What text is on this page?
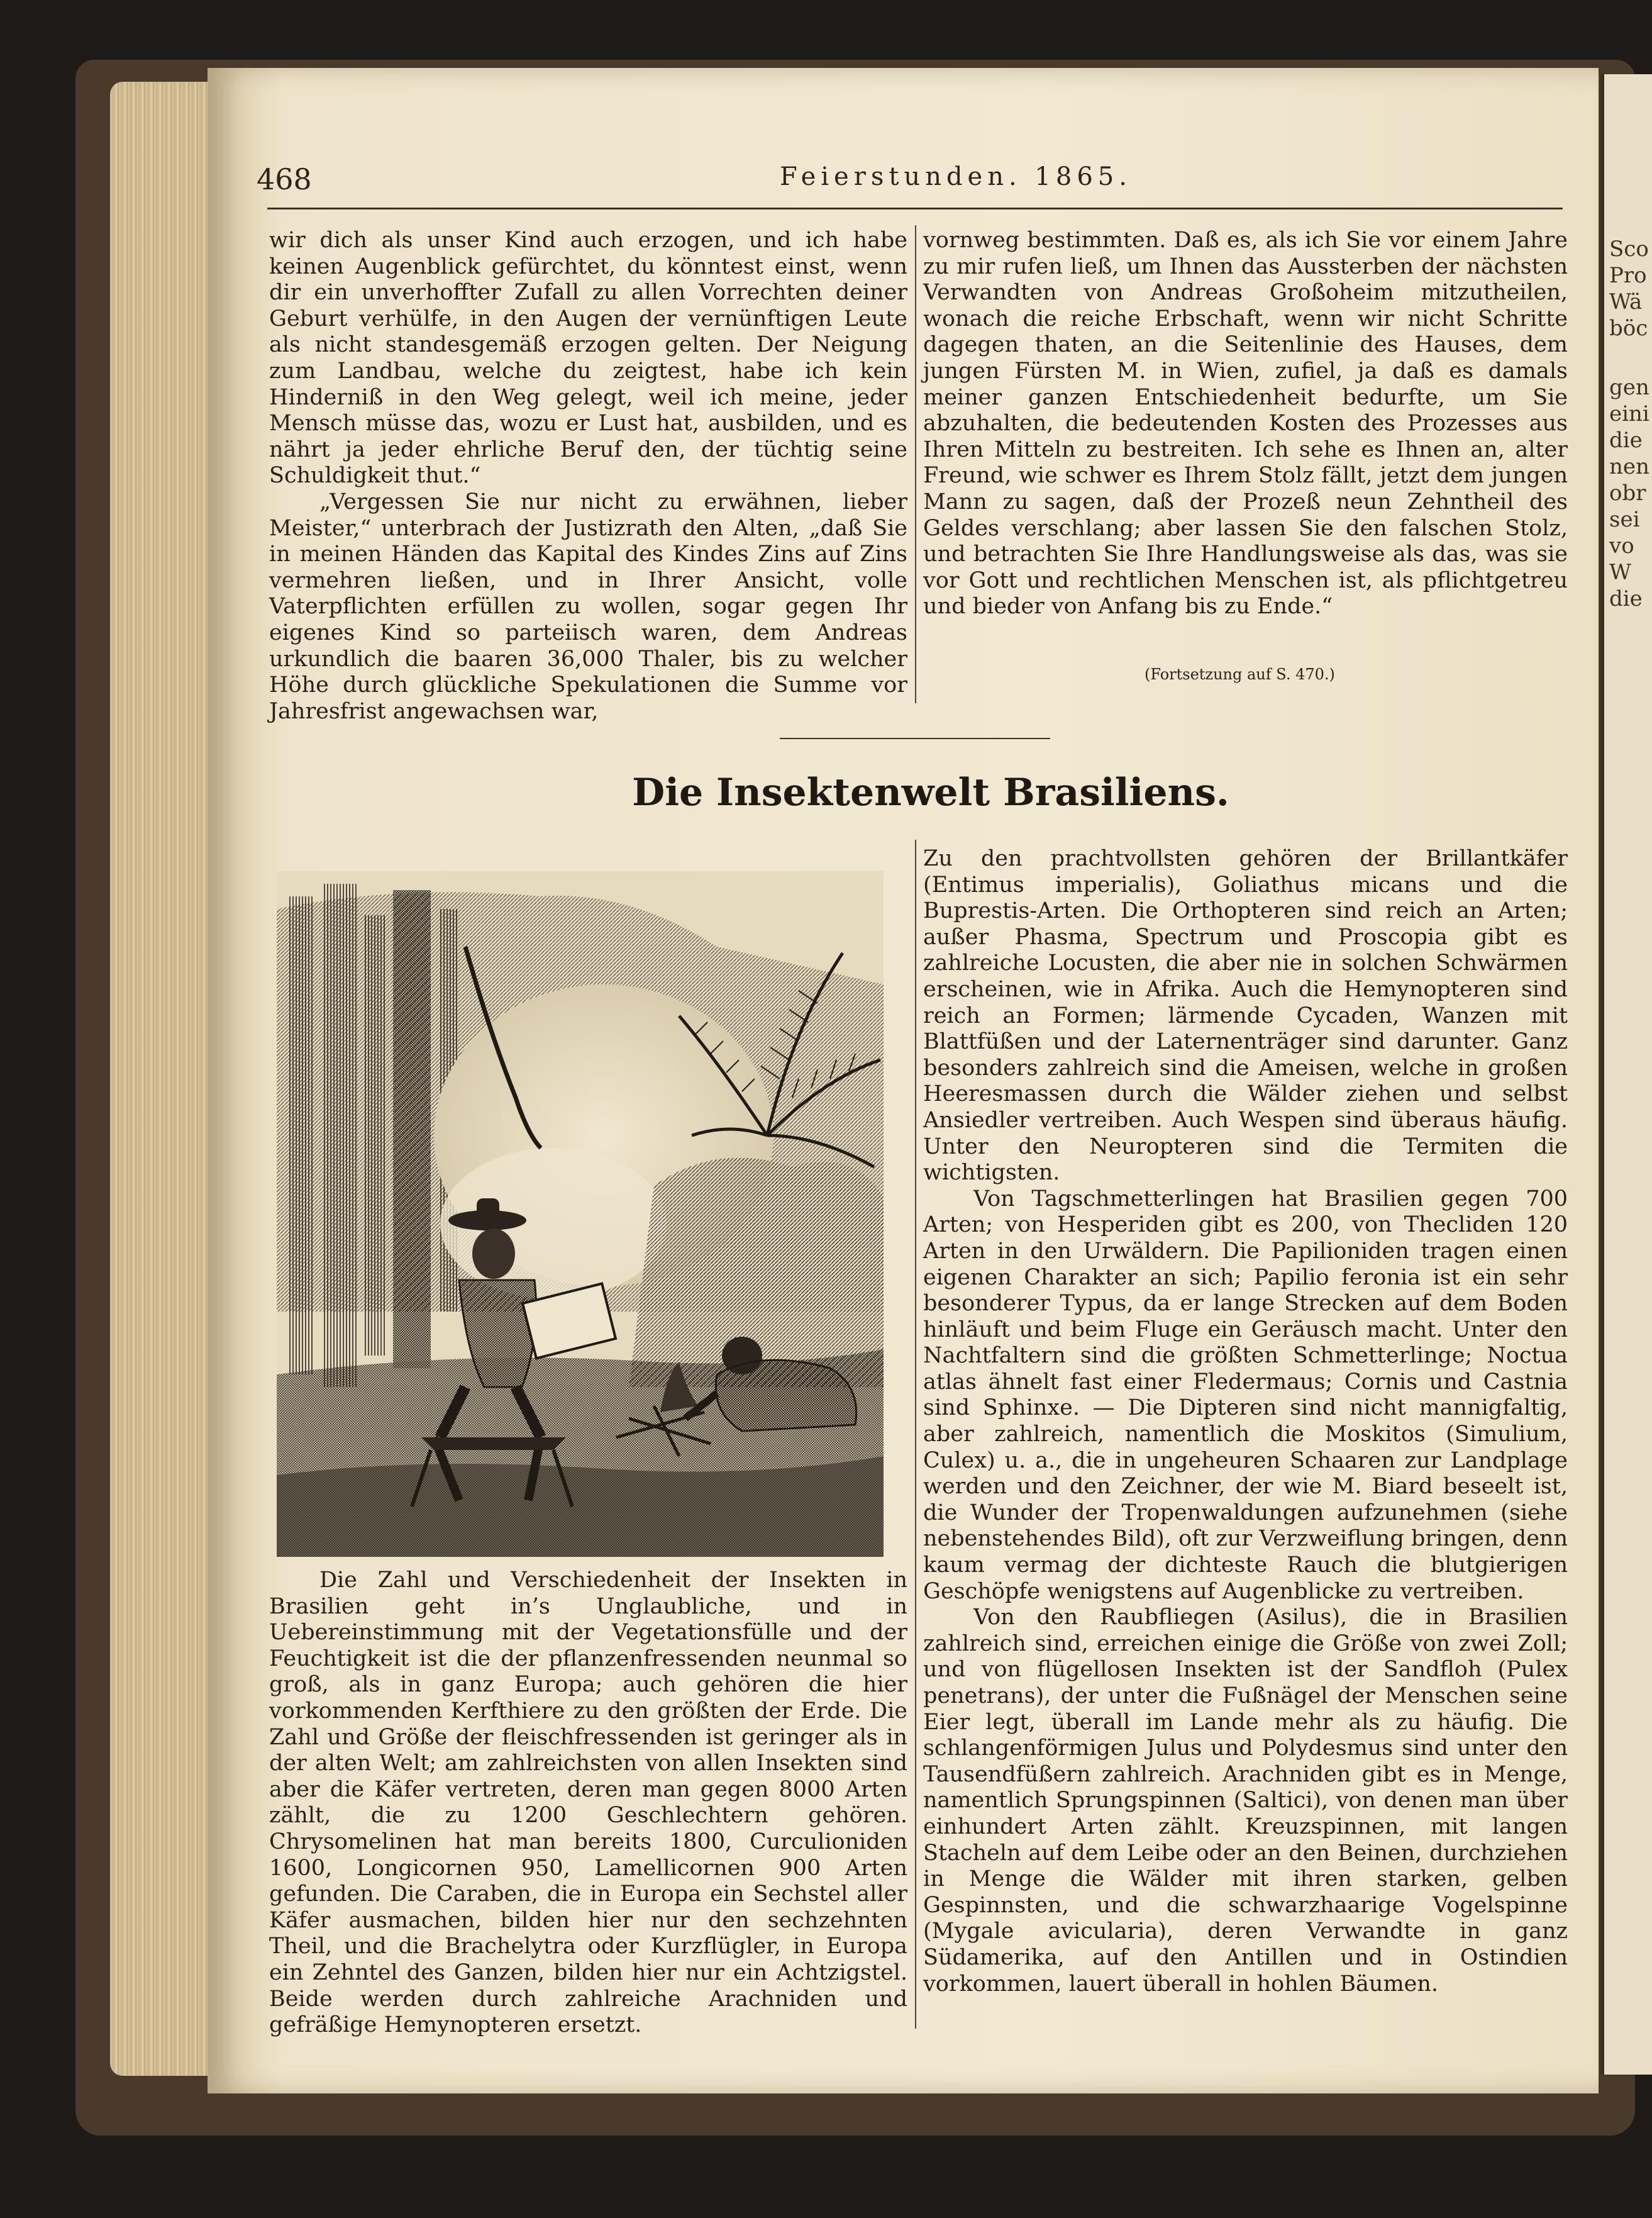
Sco
Pro
Wä
böc
gen
eini
die
nen
obr
sei
vo
W
die
468	Feierstunden. 1865.

wir dich als unser Kind auch erzogen, und ich habe keinen Augenblick gefürchtet, du könntest einst, wenn dir ein unverhoffter Zufall zu allen Vorrechten deiner Geburt verhülfe, in den Augen der vernünftigen Leute als nicht standesgemäß erzogen gelten. Der Neigung zum Landbau, welche du zeigtest, habe ich kein Hinderniß in den Weg gelegt, weil ich meine, jeder Mensch müsse das, wozu er Lust hat, ausbilden, und es nährt ja jeder ehrliche Beruf den, der tüchtig seine Schuldigkeit thut.“

„Vergessen Sie nur nicht zu erwähnen, lieber Meister,“ unterbrach der Justizrath den Alten, „daß Sie in meinen Händen das Kapital des Kindes Zins auf Zins vermehren ließen, und in Ihrer Ansicht, volle Vaterpflichten erfüllen zu wollen, sogar gegen Ihr eigenes Kind so parteiisch waren, dem Andreas urkundlich die baaren 36,000 Thaler, bis zu welcher Höhe durch glückliche Spekulationen die Summe vor Jahresfrist angewachsen war,

vornweg bestimmten. Daß es, als ich Sie vor einem Jahre zu mir rufen ließ, um Ihnen das Aussterben der nächsten Verwandten von Andreas Großoheim mitzutheilen, wonach die reiche Erbschaft, wenn wir nicht Schritte dagegen thaten, an die Seitenlinie des Hauses, dem jungen Fürsten M. in Wien, zufiel, ja daß es damals meiner ganzen Entschiedenheit bedurfte, um Sie abzuhalten, die bedeutenden Kosten des Prozesses aus Ihren Mitteln zu bestreiten. Ich sehe es Ihnen an, alter Freund, wie schwer es Ihrem Stolz fällt, jetzt dem jungen Mann zu sagen, daß der Prozeß neun Zehntheil des Geldes verschlang; aber lassen Sie den falschen Stolz, und betrachten Sie Ihre Handlungsweise als das, was sie vor Gott und rechtlichen Menschen ist, als pflichtgetreu und bieder von Anfang bis zu Ende.“

(Fortsetzung auf S. 470.)
Die Insektenwelt Brasiliens.

Die Zahl und Verschiedenheit der Insekten in Brasilien geht in’s Unglaubliche, und in Uebereinstimmung mit der Vegetationsfülle und der Feuchtigkeit ist die der pflanzenfressenden neunmal so groß, als in ganz Europa; auch gehören die hier vorkommenden Kerfthiere zu den größten der Erde. Die Zahl und Größe der fleischfressenden ist geringer als in der alten Welt; am zahlreichsten von allen Insekten sind aber die Käfer vertreten, deren man gegen 8000 Arten zählt, die zu 1200 Geschlechtern gehören. Chrysomelinen hat man bereits 1800, Curculioniden 1600, Longicornen 950, Lamellicornen 900 Arten gefunden. Die Caraben, die in Europa ein Sechstel aller Käfer ausmachen, bilden hier nur den sechzehnten Theil, und die Brachelytra oder Kurzflügler, in Europa ein Zehntel des Ganzen, bilden hier nur ein Achtzigstel. Beide werden durch zahlreiche Arachniden und gefräßige Hemynopteren ersetzt.

Zu den prachtvollsten gehören der Brillantkäfer (Entimus imperialis), Goliathus micans und die Buprestis-Arten. Die Orthopteren sind reich an Arten; außer Phasma, Spectrum und Proscopia gibt es zahlreiche Locusten, die aber nie in solchen Schwärmen erscheinen, wie in Afrika. Auch die Hemynopteren sind reich an Formen; lärmende Cycaden, Wanzen mit Blattfüßen und der Laternenträger sind darunter. Ganz besonders zahlreich sind die Ameisen, welche in großen Heeresmassen durch die Wälder ziehen und selbst Ansiedler vertreiben. Auch Wespen sind überaus häufig. Unter den Neuropteren sind die Termiten die wichtigsten.

Von Tagschmetterlingen hat Brasilien gegen 700 Arten; von Hesperiden gibt es 200, von Thecliden 120 Arten in den Urwäldern. Die Papilioniden tragen einen eigenen Charakter an sich; Papilio feronia ist ein sehr besonderer Typus, da er lange Strecken auf dem Boden hinläuft und beim Fluge ein Geräusch macht. Unter den Nachtfaltern sind die größten Schmetterlinge; Noctua atlas ähnelt fast einer Fledermaus; Cornis und Castnia sind Sphinxe. — Die Dipteren sind nicht mannigfaltig, aber zahlreich, namentlich die Moskitos (Simulium, Culex) u. a., die in ungeheuren Schaaren zur Landplage werden und den Zeichner, der wie M. Biard beseelt ist, die Wunder der Tropenwaldungen aufzunehmen (siehe nebenstehendes Bild), oft zur Verzweiflung bringen, denn kaum vermag der dichteste Rauch die blutgierigen Geschöpfe wenigstens auf Augenblicke zu vertreiben.

Von den Raubfliegen (Asilus), die in Brasilien zahlreich sind, erreichen einige die Größe von zwei Zoll; und von flügellosen Insekten ist der Sandfloh (Pulex penetrans), der unter die Fußnägel der Menschen seine Eier legt, überall im Lande mehr als zu häufig. Die schlangenförmigen Julus und Polydesmus sind unter den Tausendfüßern zahlreich. Arachniden gibt es in Menge, namentlich Sprungspinnen (Saltici), von denen man über einhundert Arten zählt. Kreuzspinnen, mit langen Stacheln auf dem Leibe oder an den Beinen, durchziehen in Menge die Wälder mit ihren starken, gelben Gespinnsten, und die schwarzhaarige Vogelspinne (Mygale avicularia), deren Verwandte in ganz Südamerika, auf den Antillen und in Ostindien vorkommen, lauert überall in hohlen Bäumen.
